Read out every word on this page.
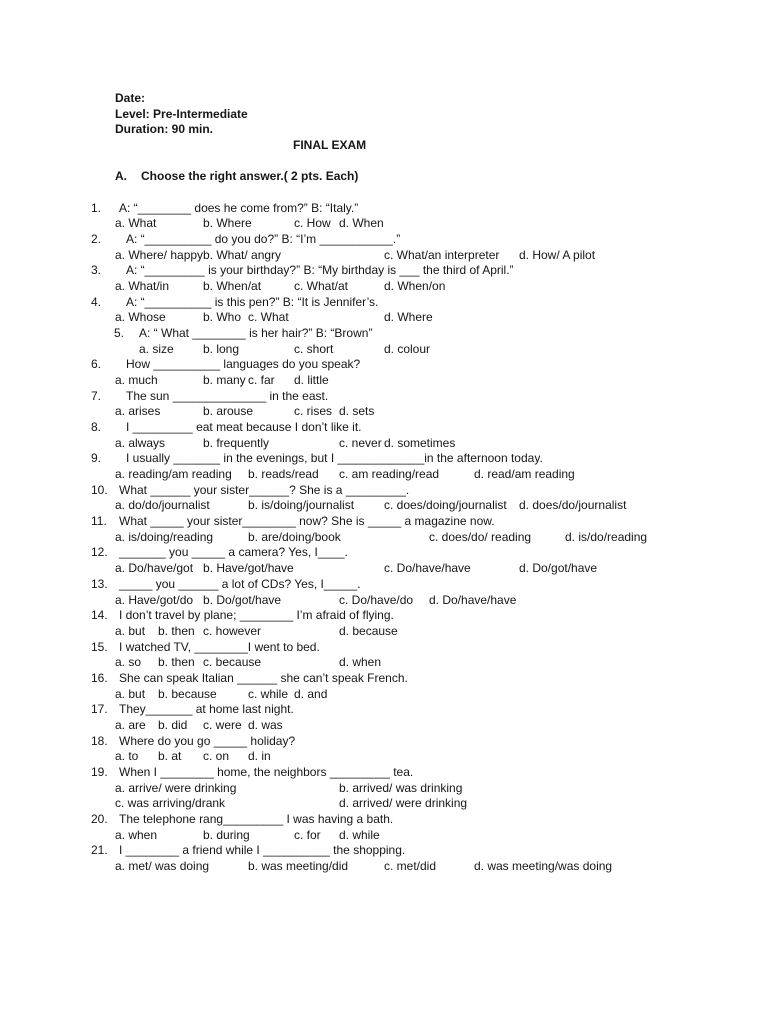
Date:
Level: Pre-Intermediate
Duration: 90 min.
FINAL EXAM
A. Choose the right answer.( 2 pts. Each)
1. A: “________ does he come from?” B: “Italy.”
a. What	b. Where	c. How d. When
2. A: “__________ do you do?” B: “I’m ___________.”
a. Where/ happy b. What/ angry	c. What/an interpreter d. How/ A pilot
3. A: “_________ is your birthday?” B: “My birthday is ___ the third of April.”
a. What/in	b. When/at	c. What/at	d. When/on
4. A: “__________ is this pen?” B: “It is Jennifer’s.
a. Whose	b. Who c. What	d. Where
5. A: “ What ________ is her hair?” B: “Brown”
a. size b. long	c. short	d. colour
6. How __________ languages do you speak?
a. much	b. many c. far d. little
7. The sun ______________ in the east.
a. arises	b. arouse	c. rises d. sets
8. I _________ eat meat because I don’t like it.
a. always	b. frequently	c. never d. sometimes
9. I usually _______ in the evenings, but I _____________in the afternoon today.
a. reading/am reading b. reads/read c. am reading/read	d. read/am reading
10. What ______ your sister______? She is a _________.
a. do/do/journalist	b. is/doing/journalist c. does/doing/journalist d. does/do/journalist
11. What _____ your sister________ now? She is _____ a magazine now.
a. is/doing/reading	b. are/doing/book	c. does/do/ reading	d. is/do/reading
12. _______ you _____ a camera? Yes, I____.
a. Do/have/got b. Have/got/have	c. Do/have/have	d. Do/got/have
13. _____ you ______ a lot of CDs? Yes, I_____.
a. Have/got/do b. Do/got/have	c. Do/have/do d. Do/have/have
14. I don’t travel by plane; ________ I’m afraid of flying.
a. but b. then c. however	d. because
15. I watched TV, ________I went to bed.
a. so b. then c. because	d. when
16. She can speak Italian ______ she can’t speak French.
a. but b. because	c. while d. and
17. They_______ at home last night.
a. are b. did c. were d. was
18. Where do you go _____ holiday?
a. to b. at c. on d. in
19. When I ________ home, the neighbors _________ tea.
a. arrive/ were drinking	b. arrived/ was drinking
c. was arriving/drank	d. arrived/ were drinking
20. The telephone rang_________ I was having a bath.
a. when	b. during	c. for d. while
21. I ________ a friend while I __________ the shopping.
a. met/ was doing	b. was meeting/did	c. met/did	d. was meeting/was doing
